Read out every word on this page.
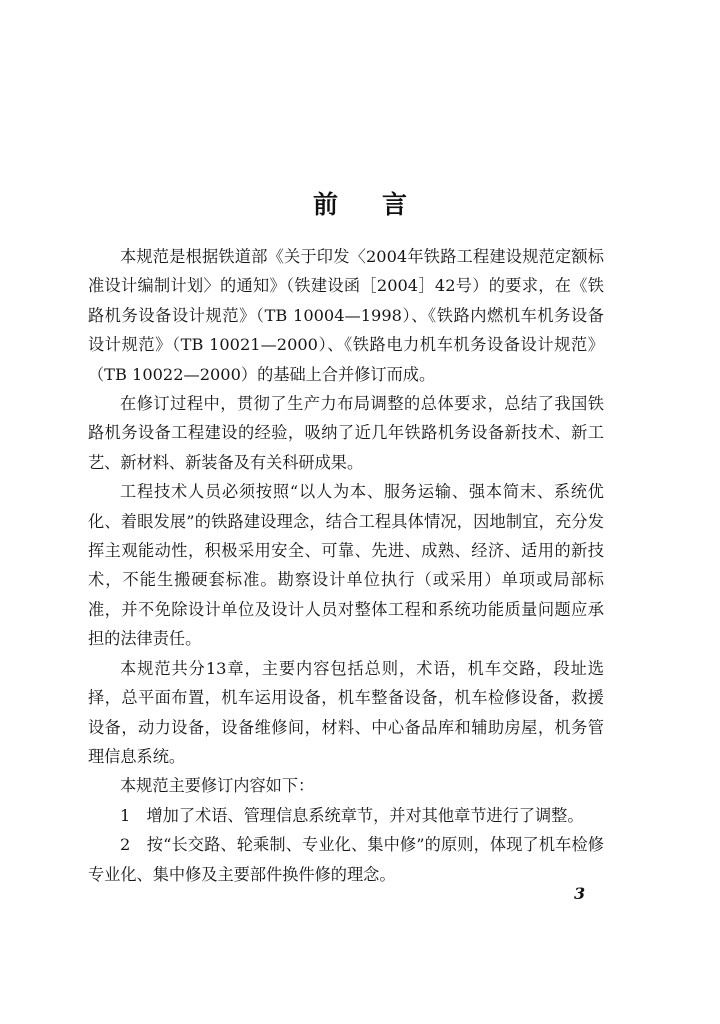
前言

本规范是根据铁道部《关于印发〈2004年铁路工程建设规范定额标准设计编制计划〉的通知》（铁建设函［2004］42号）的要求，在《铁路机务设备设计规范》（TB 10004—1998）、《铁路内燃机车机务设备设计规范》（TB 10021—2000）、《铁路电力机车机务设备设计规范》（TB 10022—2000）的基础上合并修订而成。

在修订过程中，贯彻了生产力布局调整的总体要求，总结了我国铁路机务设备工程建设的经验，吸纳了近几年铁路机务设备新技术、新工艺、新材料、新装备及有关科研成果。

工程技术人员必须按照“以人为本、服务运输、强本简末、系统优化、着眼发展”的铁路建设理念，结合工程具体情况，因地制宜，充分发挥主观能动性，积极采用安全、可靠、先进、成熟、经济、适用的新技术，不能生搬硬套标准。勘察设计单位执行（或采用）单项或局部标准，并不免除设计单位及设计人员对整体工程和系统功能质量问题应承担的法律责任。

本规范共分13章，主要内容包括总则，术语，机车交路，段址选择，总平面布置，机车运用设备，机车整备设备，机车检修设备，救援设备，动力设备，设备维修间，材料、中心备品库和辅助房屋，机务管理信息系统。

本规范主要修订内容如下：

1　增加了术语、管理信息系统章节，并对其他章节进行了调整。

2　按“长交路、轮乘制、专业化、集中修”的原则，体现了机车检修专业化、集中修及主要部件换件修的理念。

3
